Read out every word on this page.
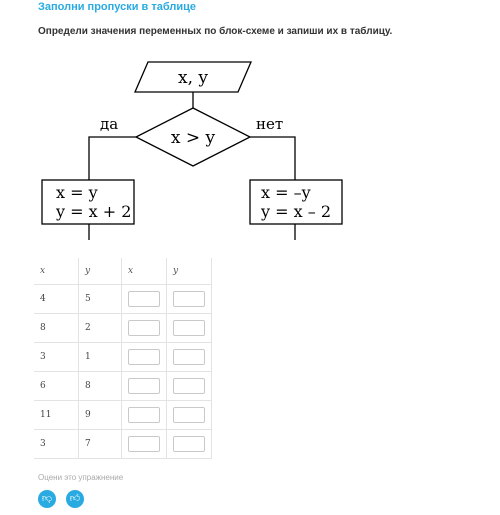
Заполни пропуски в таблице
Определи значения переменных по блок-схеме и запиши их в таблицу.
x, y
x > y
да	нет
x = y
y = x + 2
x = –y
y = x – 2
x	y	x	y
4	5	

8	2	

3	1	

6	8	

11	9	

3	7	

Оцени это упражнение
👎︎	👍︎
